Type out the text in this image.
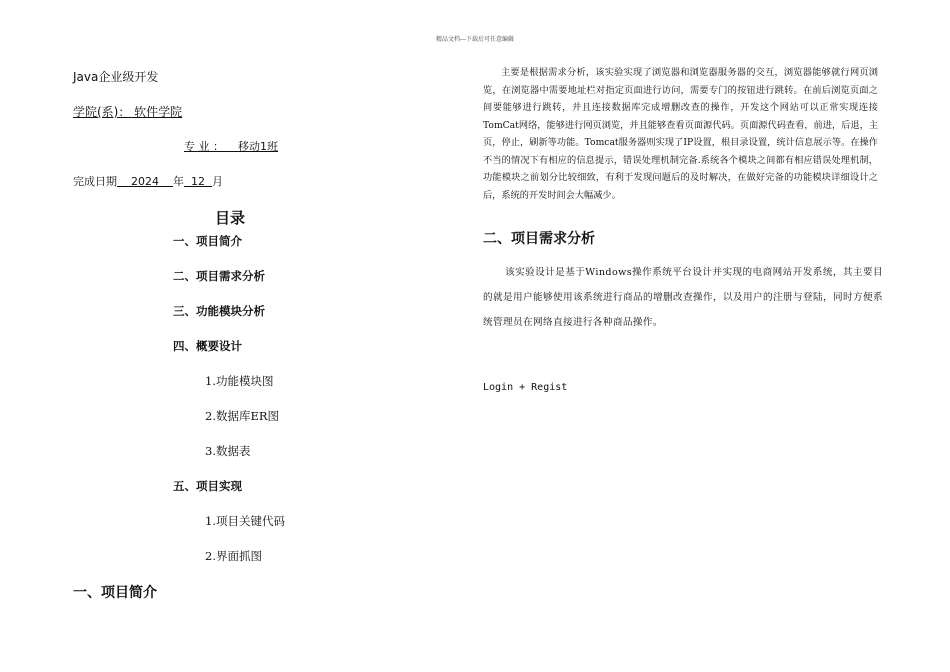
精品文档---下载后可任意编辑
Java企业级开发
学院(系)： 软件学院
专 业 ： 移动1班
完成日期 2024 年 12 月
目录
一、项目简介
二、项目需求分析
三、功能模块分析
四、概要设计
1.功能模块图
2.数据库ER图
3.数据表
五、项目实现
1.项目关键代码
2.界面抓图
一、项目简介
主要是根据需求分析，该实验实现了浏览器和浏览器服务器的交互，浏览器能够就行网页浏览，在浏览器中需要地址栏对指定页面进行访问，需要专门的按钮进行跳转。在前后浏览页面之间要能够进行跳转，并且连接数据库完成增删改查的操作，开发这个网站可以正常实现连接TomCat网络，能够进行网页浏览，并且能够查看页面源代码。页面源代码查看，前进，后退，主页，停止，刷新等功能。Tomcat服务器则实现了IP设置，根目录设置，统计信息展示等。在操作不当的情况下有相应的信息提示，错误处理机制完备.系统各个模块之间都有相应错误处理机制，功能模块之前划分比较细致，有利于发现问题后的及时解决，在做好完备的功能模块详细设计之后，系统的开发时间会大幅减少。
二、项目需求分析
该实验设计是基于Windows操作系统平台设计并实现的电商网站开发系统，其主要目的就是用户能够使用该系统进行商品的增删改查操作，以及用户的注册与登陆，同时方便系统管理员在网络直接进行各种商品操作。
Login + Regist
